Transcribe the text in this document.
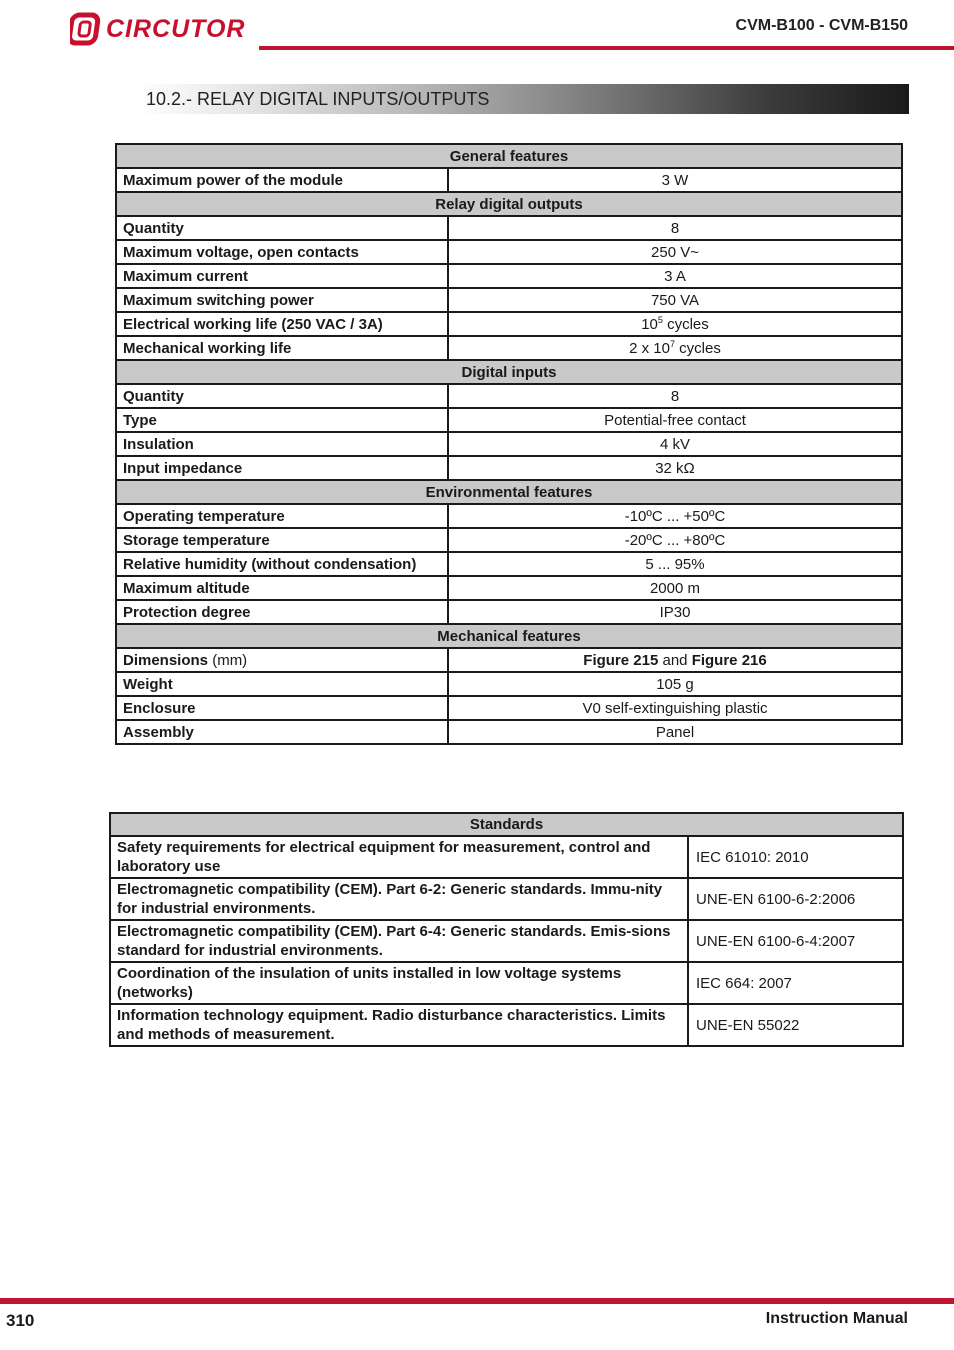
CIRCUTOR	CVM-B100 - CVM-B150
10.2.- RELAY DIGITAL INPUTS/OUTPUTS
General features	
Maximum power of the module	3 W
Relay digital outputs	
Quantity	8
Maximum voltage, open contacts	250 V~
Maximum current	3 A
Maximum switching power	750 VA
Electrical working life (250 VAC / 3A)	$10^5$ cycles
Mechanical working life	2 x $10^7$ cycles
Digital inputs	
Quantity	8
Type	Potential-free contact
Insulation	4 kV
Input impedance	32 kΩ
Environmental features	
Operating temperature	-10ºC ... +50ºC
Storage temperature	-20ºC ... +80ºC
Relative humidity (without condensation)	5 ... 95%
Maximum altitude	2000 m
Protection degree	IP30
Mechanical features	
Dimensions (mm)	Figure 215 and Figure 216
Weight	105 g
Enclosure	V0 self-extinguishing plastic
Assembly	Panel
Standards	
Safety requirements for electrical equipment for measurement, control and laboratory use	IEC 61010: 2010
Electromagnetic compatibility (CEM). Part 6-2: Generic standards. Immu-nity for industrial environments.	UNE-EN 6100-6-2:2006
Electromagnetic compatibility (CEM). Part 6-4: Generic standards. Emis-sions standard for industrial environments.	UNE-EN 6100-6-4:2007
Coordination of the insulation of units installed in low voltage systems (networks)	IEC 664: 2007
Information technology equipment. Radio disturbance characteristics. Limits and methods of measurement.	UNE-EN 55022
310	Instruction Manual
